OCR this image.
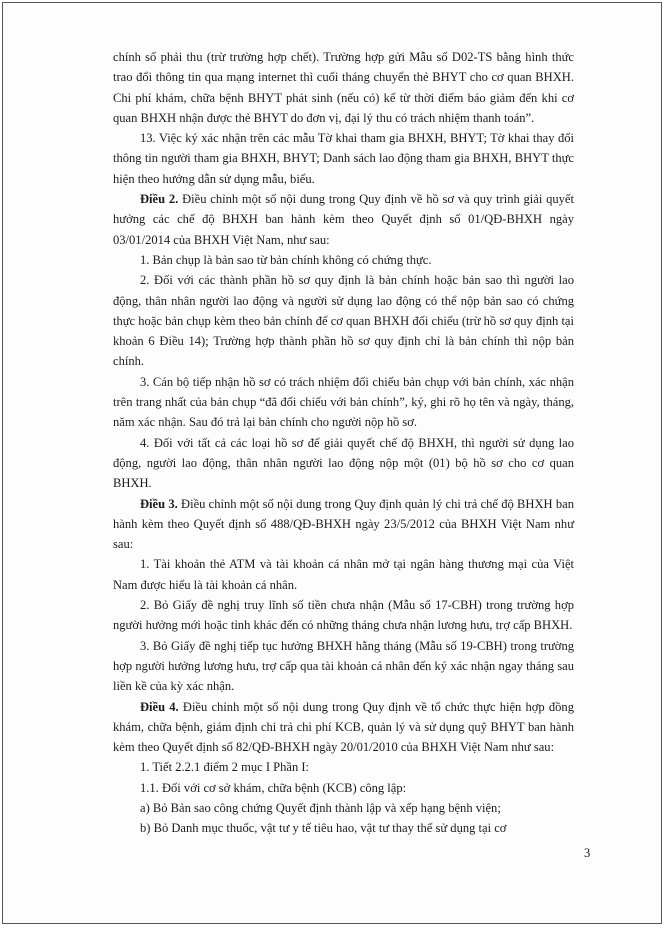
chính số phải thu (trừ trường hợp chết). Trường hợp gửi Mẫu số D02-TS bằng hình thức trao đổi thông tin qua mạng internet thì cuối tháng chuyển thẻ BHYT cho cơ quan BHXH. Chi phí khám, chữa bệnh BHYT phát sinh (nếu có) kể từ thời điểm báo giảm đến khi cơ quan BHXH nhận được thẻ BHYT do đơn vị, đại lý thu có trách nhiệm thanh toán”.

13. Việc ký xác nhận trên các mẫu Tờ khai tham gia BHXH, BHYT; Tờ khai thay đổi thông tin người tham gia BHXH, BHYT; Danh sách lao động tham gia BHXH, BHYT thực hiện theo hướng dẫn sử dụng mẫu, biểu.

Điều 2. Điều chỉnh một số nội dung trong Quy định về hồ sơ và quy trình giải quyết hưởng các chế độ BHXH ban hành kèm theo Quyết định số 01/QĐ-BHXH ngày 03/01/2014 của BHXH Việt Nam, như sau:

1. Bản chụp là bản sao từ bản chính không có chứng thực.

2. Đối với các thành phần hồ sơ quy định là bản chính hoặc bản sao thì người lao động, thân nhân người lao động và người sử dụng lao động có thể nộp bản sao có chứng thực hoặc bản chụp kèm theo bản chính để cơ quan BHXH đối chiếu (trừ hồ sơ quy định tại khoản 6 Điều 14); Trường hợp thành phần hồ sơ quy định chỉ là bản chính thì nộp bản chính.

3. Cán bộ tiếp nhận hồ sơ có trách nhiệm đối chiếu bản chụp với bản chính, xác nhận trên trang nhất của bản chụp “đã đối chiếu với bản chính”, ký, ghi rõ họ tên và ngày, tháng, năm xác nhận. Sau đó trả lại bản chính cho người nộp hồ sơ.

4. Đối với tất cả các loại hồ sơ để giải quyết chế độ BHXH, thì người sử dụng lao động, người lao động, thân nhân người lao động nộp một (01) bộ hồ sơ cho cơ quan BHXH.

Điều 3. Điều chỉnh một số nội dung trong Quy định quản lý chi trả chế độ BHXH ban hành kèm theo Quyết định số 488/QĐ-BHXH ngày 23/5/2012 của BHXH Việt Nam như sau:

1. Tài khoản thẻ ATM và tài khoản cá nhân mở tại ngân hàng thương mại của Việt Nam được hiểu là tài khoản cá nhân.

2. Bỏ Giấy đề nghị truy lĩnh số tiền chưa nhận (Mẫu số 17-CBH) trong trường hợp người hưởng mới hoặc tỉnh khác đến có những tháng chưa nhận lương hưu, trợ cấp BHXH.

3. Bỏ Giấy đề nghị tiếp tục hưởng BHXH hằng tháng (Mẫu số 19-CBH) trong trường hợp người hưởng lương hưu, trợ cấp qua tài khoản cá nhân đến ký xác nhận ngay tháng sau liền kề của kỳ xác nhận.

Điều 4. Điều chỉnh một số nội dung trong Quy định về tổ chức thực hiện hợp đồng khám, chữa bệnh, giám định chi trả chi phí KCB, quản lý và sử dụng quỹ BHYT ban hành kèm theo Quyết định số 82/QĐ-BHXH ngày 20/01/2010 của BHXH Việt Nam như sau:

1. Tiết 2.2.1 điểm 2 mục I Phần I:

1.1. Đối với cơ sở khám, chữa bệnh (KCB) công lập:

a) Bỏ Bản sao công chứng Quyết định thành lập và xếp hạng bệnh viện;

b) Bỏ Danh mục thuốc, vật tư y tế tiêu hao, vật tư thay thế sử dụng tại cơ

3
